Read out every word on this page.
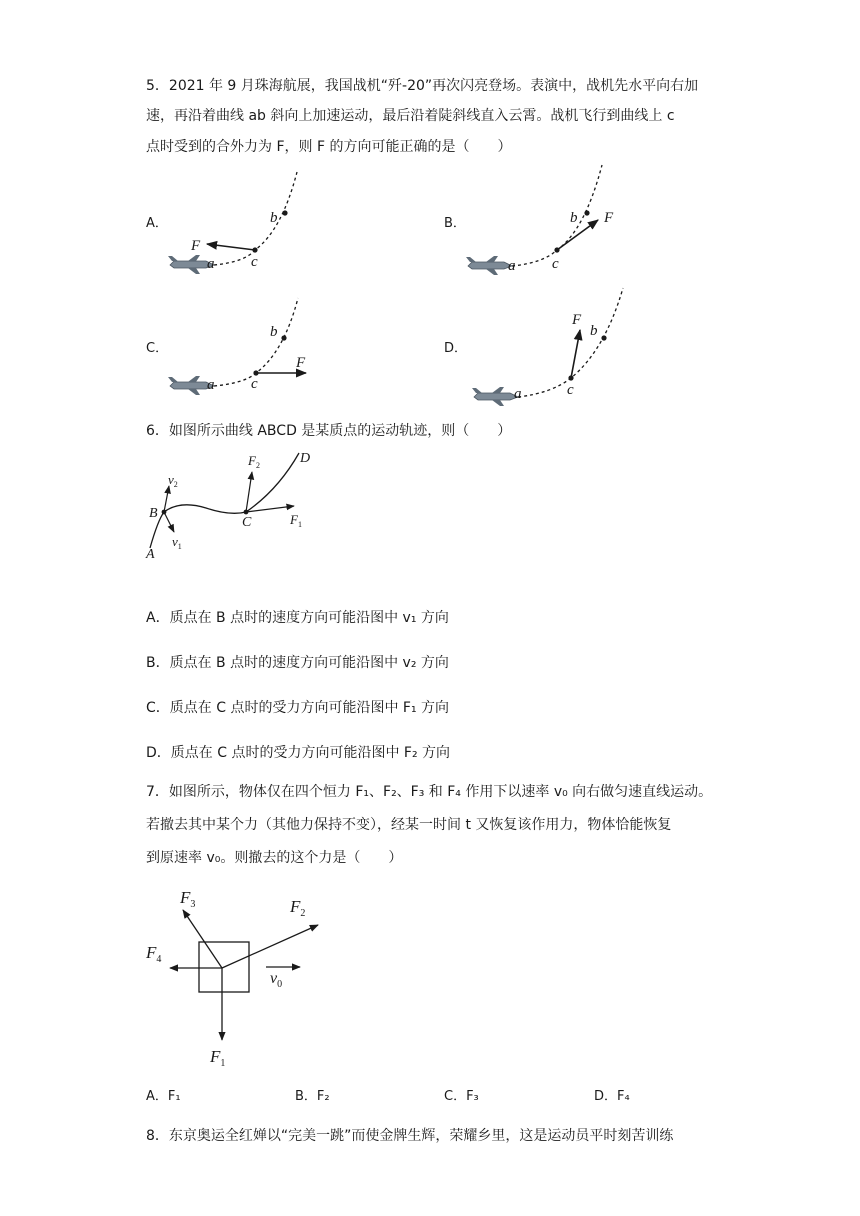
5．2021 年 9 月珠海航展，我国战机“歼-20”再次闪亮登场。表演中，战机先水平向右加
速，再沿着曲线 ab 斜向上加速运动，最后沿着陡斜线直入云霄。战机飞行到曲线上 c
点时受到的合外力为 F，则 F 的方向可能正确的是（　　）
A．	B．
C．	D．
F
b
c
a
F
b
c
a
F
b
c
a
F
b
c
a
6．如图所示曲线 ABCD 是某质点的运动轨迹，则（　　）
A
B
C
D
$v_2$
$v_1$
$F_2$
$F_1$
A．质点在 B 点时的速度方向可能沿图中 v₁ 方向
B．质点在 B 点时的速度方向可能沿图中 v₂ 方向
C．质点在 C 点时的受力方向可能沿图中 F₁ 方向
D．质点在 C 点时的受力方向可能沿图中 F₂ 方向
7．如图所示，物体仅在四个恒力 F₁、F₂、F₃ 和 F₄ 作用下以速率 v₀ 向右做匀速直线运动。
若撤去其中某个力（其他力保持不变），经某一时间 t 又恢复该作用力，物体恰能恢复
到原速率 v₀。则撤去的这个力是（　　）
$F_3$	$F_2$
$F_4$
$v_0$
$F_1$
A．F₁	B．F₂	C．F₃	D．F₄
8．东京奥运全红婵以“完美一跳”而使金牌生辉，荣耀乡里，这是运动员平时刻苦训练
